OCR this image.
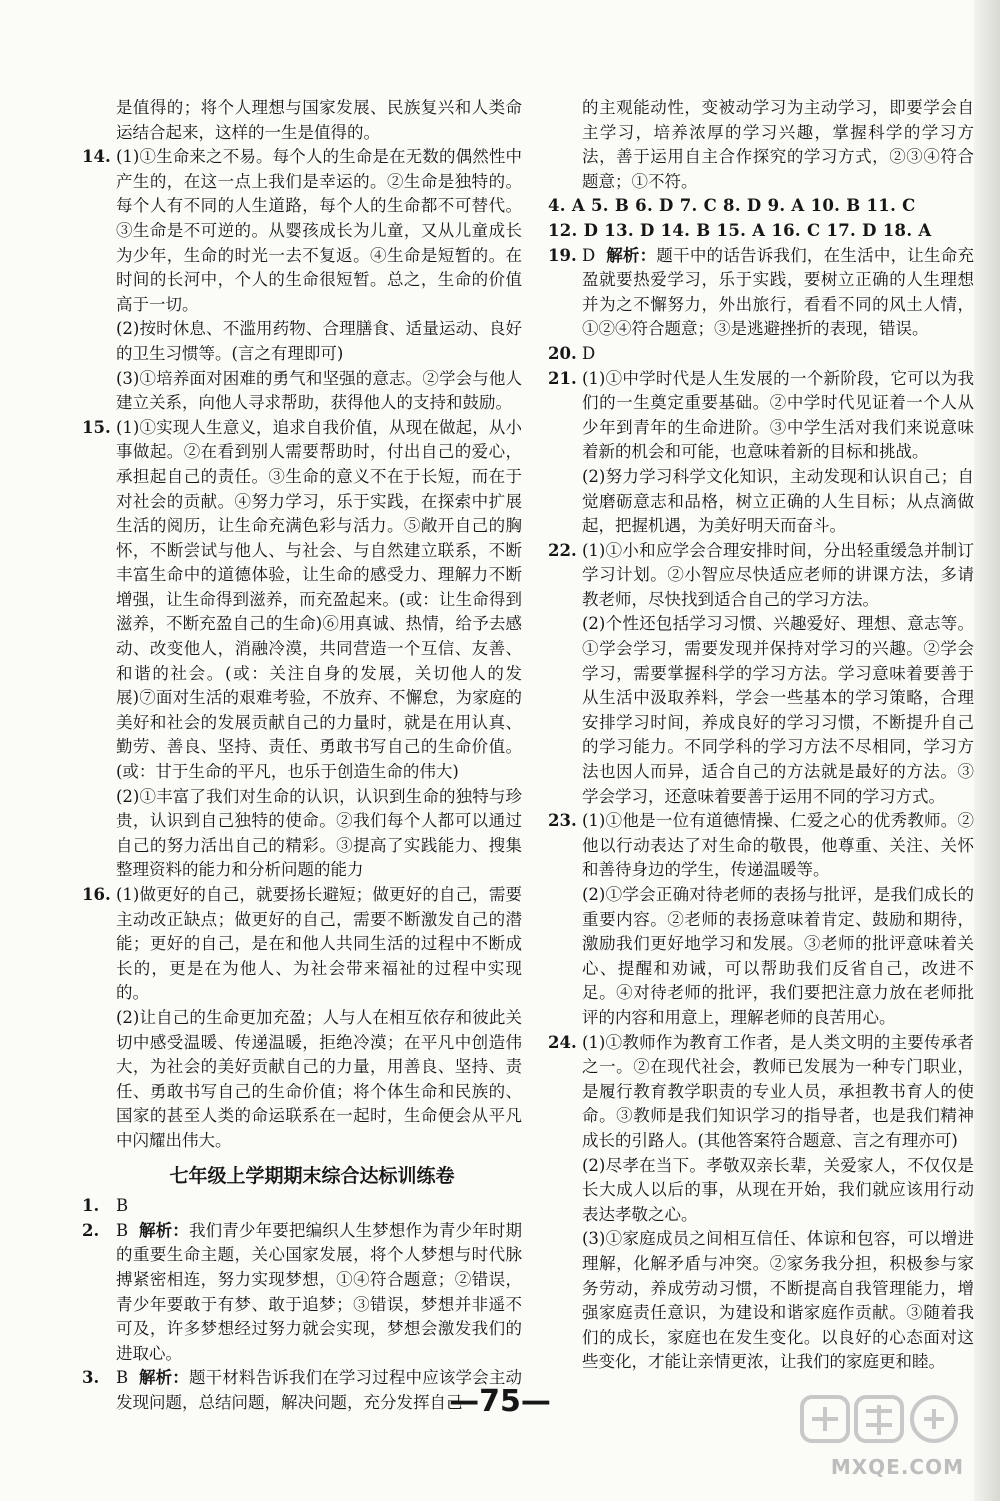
是值得的；将个人理想与国家发展、民族复兴和人类命运结合起来，这样的一生是值得的。
14. (1)①生命来之不易。每个人的生命是在无数的偶然性中产生的，在这一点上我们是幸运的。②生命是独特的。每个人有不同的人生道路，每个人的生命都不可替代。③生命是不可逆的。从婴孩成长为儿童，又从儿童成长为少年，生命的时光一去不复返。④生命是短暂的。在时间的长河中，个人的生命很短暂。总之，生命的价值高于一切。
(2)按时休息、不滥用药物、合理膳食、适量运动、良好的卫生习惯等。(言之有理即可)
(3)①培养面对困难的勇气和坚强的意志。②学会与他人建立关系，向他人寻求帮助，获得他人的支持和鼓励。
15. (1)①实现人生意义，追求自我价值，从现在做起，从小事做起。②在看到别人需要帮助时，付出自己的爱心，承担起自己的责任。③生命的意义不在于长短，而在于对社会的贡献。④努力学习，乐于实践，在探索中扩展生活的阅历，让生命充满色彩与活力。⑤敞开自己的胸怀，不断尝试与他人、与社会、与自然建立联系，不断丰富生命中的道德体验，让生命的感受力、理解力不断增强，让生命得到滋养，而充盈起来。(或：让生命得到滋养，不断充盈自己的生命)⑥用真诚、热情，给予去感动、改变他人，消融冷漠，共同营造一个互信、友善、和谐的社会。(或：关注自身的发展，关切他人的发展)⑦面对生活的艰难考验，不放弃、不懈怠，为家庭的美好和社会的发展贡献自己的力量时，就是在用认真、勤劳、善良、坚持、责任、勇敢书写自己的生命价值。(或：甘于生命的平凡，也乐于创造生命的伟大)
(2)①丰富了我们对生命的认识，认识到生命的独特与珍贵，认识到自己独特的使命。②我们每个人都可以通过自己的努力活出自己的精彩。③提高了实践能力、搜集整理资料的能力和分析问题的能力
16. (1)做更好的自己，就要扬长避短；做更好的自己，需要主动改正缺点；做更好的自己，需要不断激发自己的潜能；更好的自己，是在和他人共同生活的过程中不断成长的，更是在为他人、为社会带来福祉的过程中实现的。
(2)让自己的生命更加充盈；人与人在相互依存和彼此关切中感受温暖、传递温暖，拒绝冷漠；在平凡中创造伟大，为社会的美好贡献自己的力量，用善良、坚持、责任、勇敢书写自己的生命价值；将个体生命和民族的、国家的甚至人类的命运联系在一起时，生命便会从平凡中闪耀出伟大。
七年级上学期期末综合达标训练卷
1. B
2. B 解析：我们青少年要把编织人生梦想作为青少年时期的重要生命主题，关心国家发展，将个人梦想与时代脉搏紧密相连，努力实现梦想，①④符合题意；②错误，青少年要敢于有梦、敢于追梦；③错误，梦想并非遥不可及，许多梦想经过努力就会实现，梦想会激发我们的进取心。
3. B 解析：题干材料告诉我们在学习过程中应该学会主动发现问题，总结问题，解决问题，充分发挥自己
的主观能动性，变被动学习为主动学习，即要学会自主学习，培养浓厚的学习兴趣，掌握科学的学习方法，善于运用自主合作探究的学习方式，②③④符合题意；①不符。
4. A 5. B 6. D 7. C 8. D 9. A 10. B 11. C
12. D 13. D 14. B 15. A 16. C 17. D 18. A
19. D 解析：题干中的话告诉我们，在生活中，让生命充盈就要热爱学习，乐于实践，要树立正确的人生理想并为之不懈努力，外出旅行，看看不同的风土人情，①②④符合题意；③是逃避挫折的表现，错误。
20. D
21. (1)①中学时代是人生发展的一个新阶段，它可以为我们的一生奠定重要基础。②中学时代见证着一个人从少年到青年的生命进阶。③中学生活对我们来说意味着新的机会和可能，也意味着新的目标和挑战。
(2)努力学习科学文化知识，主动发现和认识自己；自觉磨砺意志和品格，树立正确的人生目标；从点滴做起，把握机遇，为美好明天而奋斗。
22. (1)①小和应学会合理安排时间，分出轻重缓急并制订学习计划。②小智应尽快适应老师的讲课方法，多请教老师，尽快找到适合自己的学习方法。
(2)个性还包括学习习惯、兴趣爱好、理想、意志等。①学会学习，需要发现并保持对学习的兴趣。②学会学习，需要掌握科学的学习方法。学习意味着要善于从生活中汲取养料，学会一些基本的学习策略，合理安排学习时间，养成良好的学习习惯，不断提升自己的学习能力。不同学科的学习方法不尽相同，学习方法也因人而异，适合自己的方法就是最好的方法。③学会学习，还意味着要善于运用不同的学习方式。
23. (1)①他是一位有道德情操、仁爱之心的优秀教师。②他以行动表达了对生命的敬畏，他尊重、关注、关怀和善待身边的学生，传递温暖等。
(2)①学会正确对待老师的表扬与批评，是我们成长的重要内容。②老师的表扬意味着肯定、鼓励和期待，激励我们更好地学习和发展。③老师的批评意味着关心、提醒和劝诫，可以帮助我们反省自己，改进不足。④对待老师的批评，我们要把注意力放在老师批评的内容和用意上，理解老师的良苦用心。
24. (1)①教师作为教育工作者，是人类文明的主要传承者之一。②在现代社会，教师已发展为一种专门职业，是履行教育教学职责的专业人员，承担教书育人的使命。③教师是我们知识学习的指导者，也是我们精神成长的引路人。(其他答案符合题意、言之有理亦可)
(2)尽孝在当下。孝敬双亲长辈，关爱家人，不仅仅是长大成人以后的事，从现在开始，我们就应该用行动表达孝敬之心。
(3)①家庭成员之间相互信任、体谅和包容，可以增进理解，化解矛盾与冲突。②家务我分担，积极参与家务劳动，养成劳动习惯，不断提高自我管理能力，增强家庭责任意识，为建设和谐家庭作贡献。③随着我们的成长，家庭也在发生变化。以良好的心态面对这些变化，才能让亲情更浓，让我们的家庭更和睦。
—75—
MXQE.COM
